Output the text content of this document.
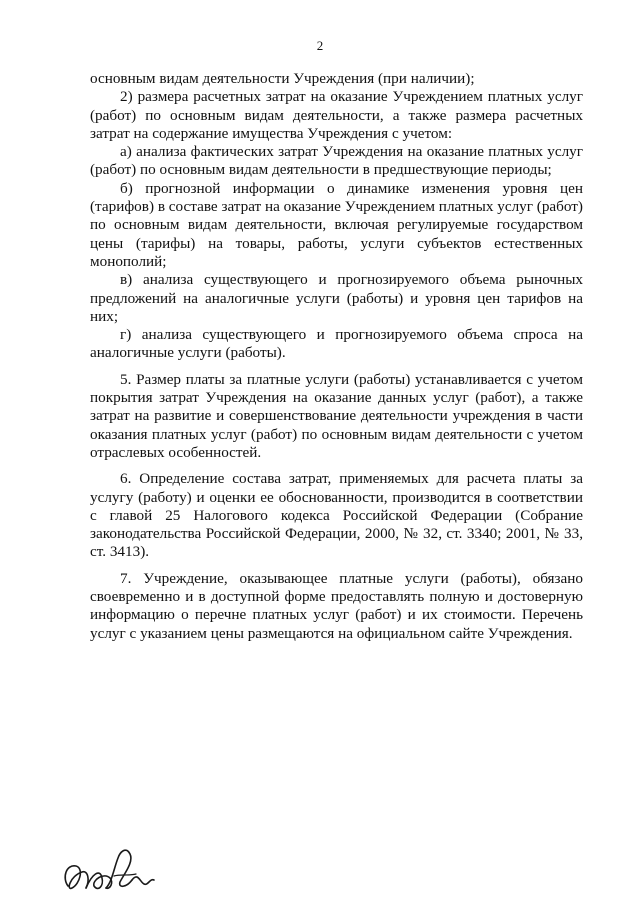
2

основным видам деятельности Учреждения (при наличии);

2) размера расчетных затрат на оказание Учреждением платных услуг (работ) по основным видам деятельности, а также размера расчетных затрат на содержание имущества Учреждения с учетом:

а) анализа фактических затрат Учреждения на оказание платных услуг (работ) по основным видам деятельности в предшествующие периоды;

б) прогнозной информации о динамике изменения уровня цен (тарифов) в составе затрат на оказание Учреждением платных услуг (работ) по основным видам деятельности, включая регулируемые государством цены (тарифы) на товары, работы, услуги субъектов естественных монополий;

в) анализа существующего и прогнозируемого объема рыночных предложений на аналогичные услуги (работы) и уровня цен тарифов на них;

г) анализа существующего и прогнозируемого объема спроса на аналогичные услуги (работы).

5. Размер платы за платные услуги (работы) устанавливается с учетом покрытия затрат Учреждения на оказание данных услуг (работ), а также затрат на развитие и совершенствование деятельности учреждения в части оказания платных услуг (работ) по основным видам деятельности с учетом отраслевых особенностей.

6. Определение состава затрат, применяемых для расчета платы за услугу (работу) и оценки ее обоснованности, производится в соответствии с главой 25 Налогового кодекса Российской Федерации (Собрание законодательства Российской Федерации, 2000, № 32, ст. 3340; 2001, № 33, ст. 3413).

7. Учреждение, оказывающее платные услуги (работы), обязано своевременно и в доступной форме предоставлять полную и достоверную информацию о перечне платных услуг (работ) и их стоимости. Перечень услуг с указанием цены размещаются на официальном сайте Учреждения.
